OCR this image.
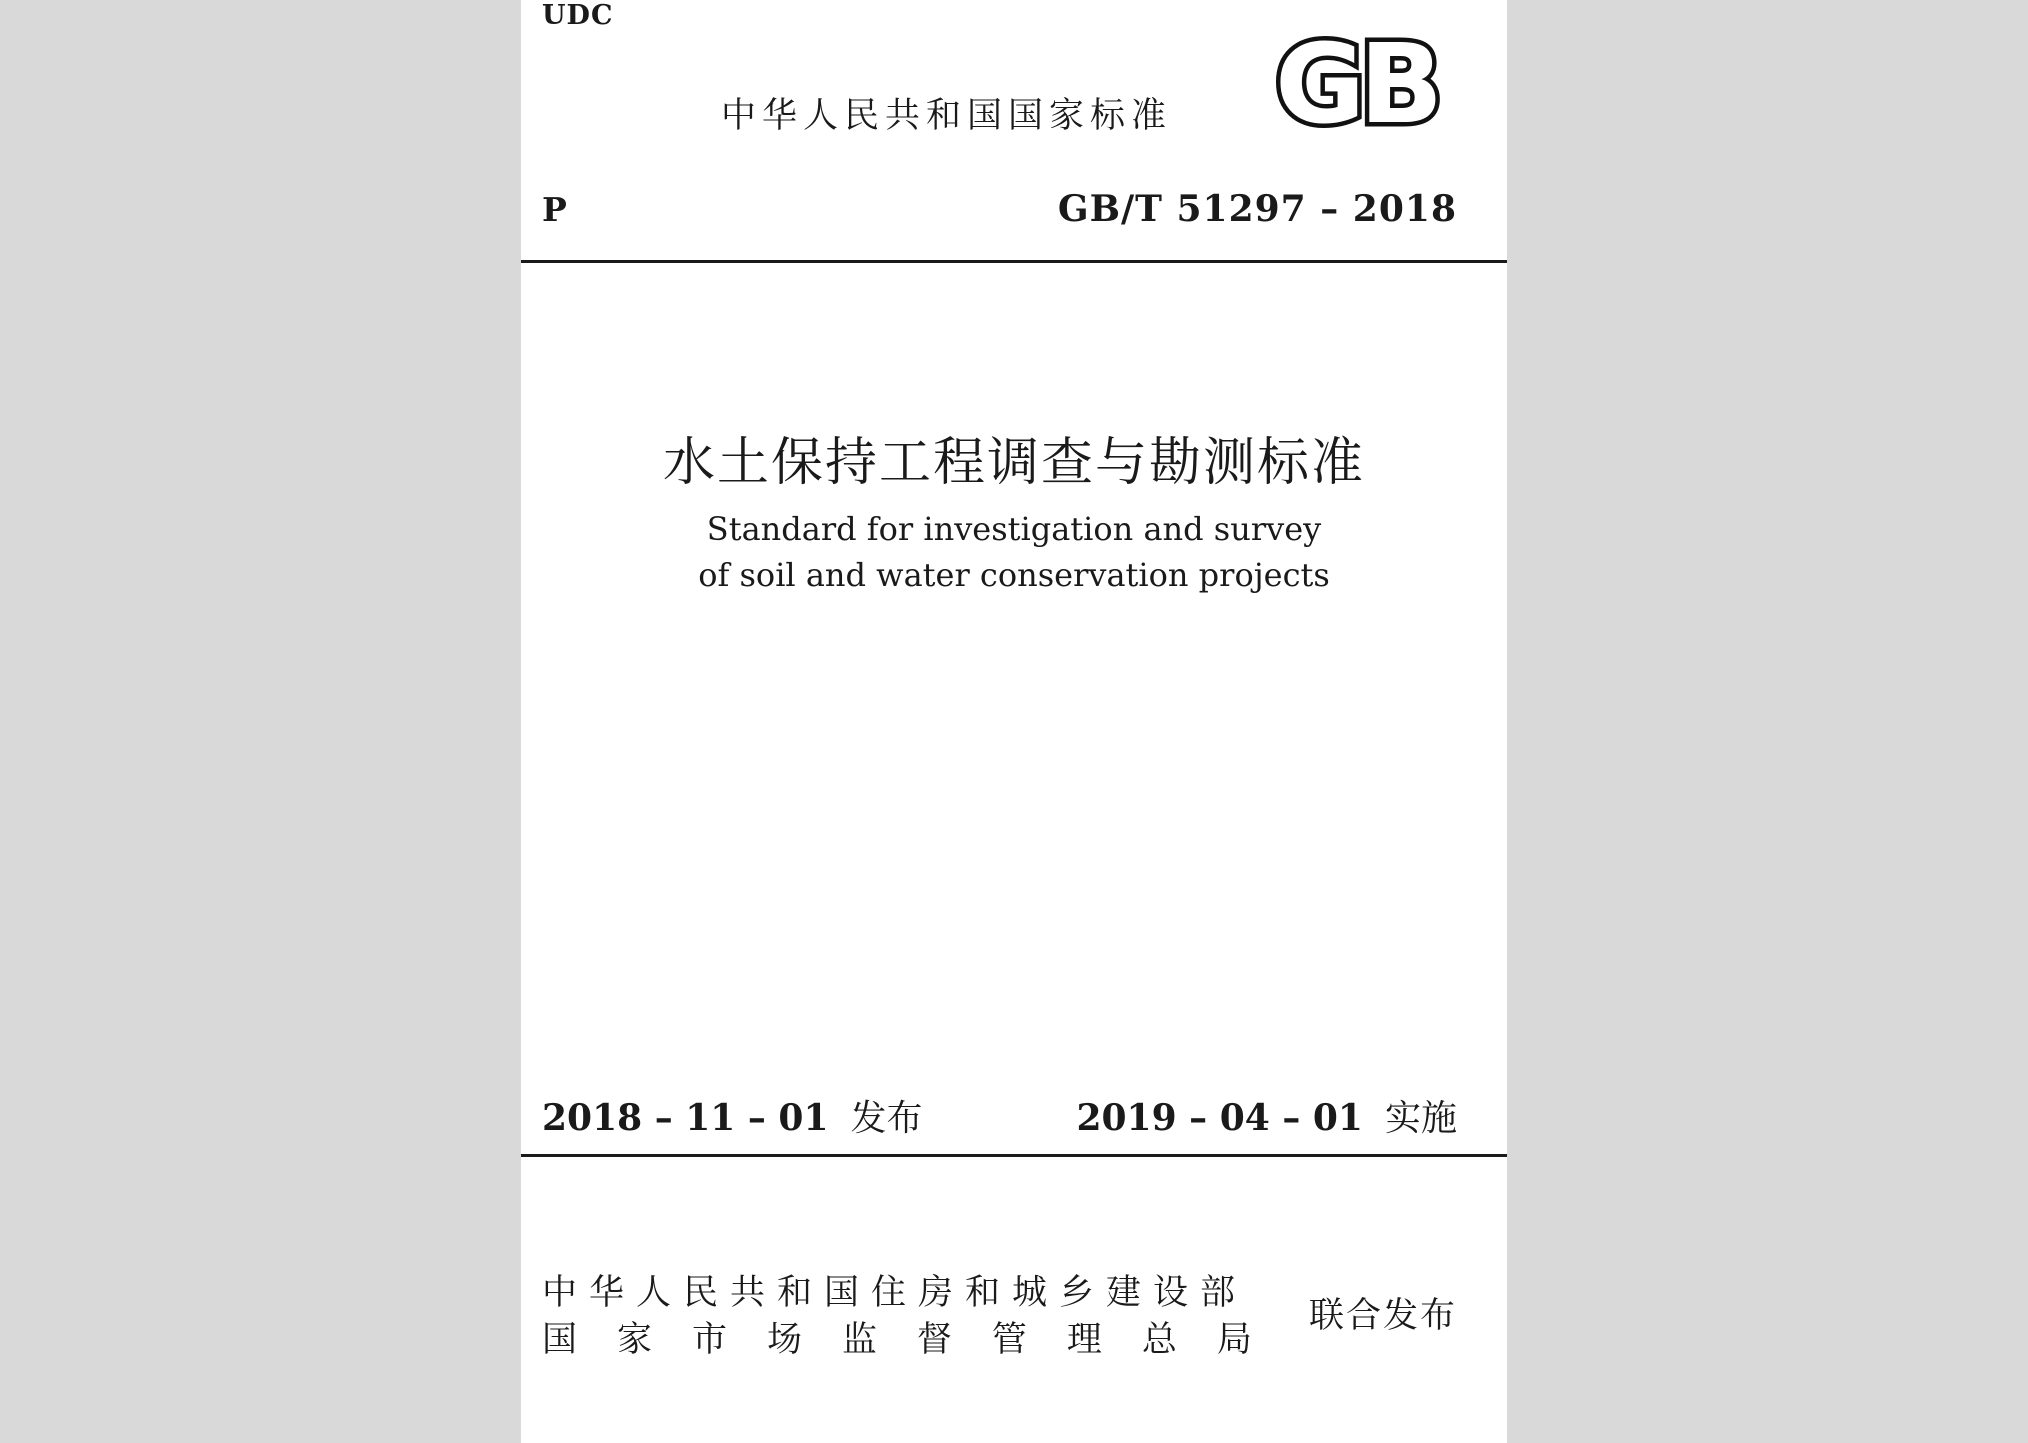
UDC
中华人民共和国国家标准 GB
P	GB/T 51297 – 2018
水土保持工程调查与勘测标准
Standard for investigation and survey
of soil and water conservation projects
2018 – 11 – 01 发布	2019 – 04 – 01 实施
中华人民共和国住房和城乡建设部
国 家 市 场 监 督 管 理 总 局
联合发布
